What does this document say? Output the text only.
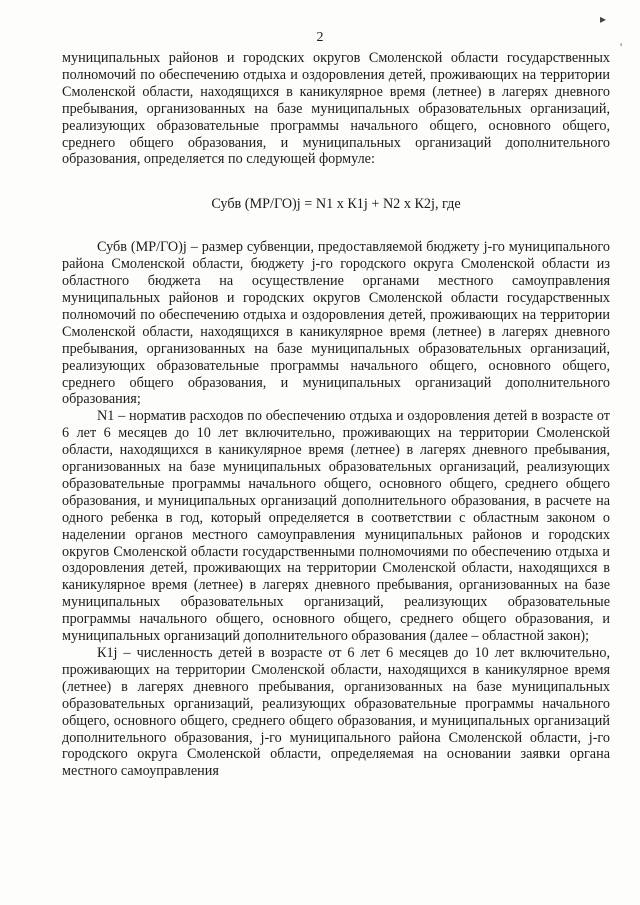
▸
'
2

муниципальных районов и городских округов Смоленской области государственных полномочий по обеспечению отдыха и оздоровления детей, проживающих на территории Смоленской области, находящихся в каникулярное время (летнее) в лагерях дневного пребывания, организованных на базе муниципальных образовательных организаций, реализующих образовательные программы начального общего, основного общего, среднего общего образования, и муниципальных организаций дополнительного образования, определяется по следующей формуле:

Субв (МР/ГО)j = N1 х К1j + N2 х К2j, где

Субв (МР/ГО)j – размер субвенции, предоставляемой бюджету j-го муниципального района Смоленской области, бюджету j-го городского округа Смоленской области из областного бюджета на осуществление органами местного самоуправления муниципальных районов и городских округов Смоленской области государственных полномочий по обеспечению отдыха и оздоровления детей, проживающих на территории Смоленской области, находящихся в каникулярное время (летнее) в лагерях дневного пребывания, организованных на базе муниципальных образовательных организаций, реализующих образовательные программы начального общего, основного общего, среднего общего образования, и муниципальных организаций дополнительного образования;

N1 – норматив расходов по обеспечению отдыха и оздоровления детей в возрасте от 6 лет 6 месяцев до 10 лет включительно, проживающих на территории Смоленской области, находящихся в каникулярное время (летнее) в лагерях дневного пребывания, организованных на базе муниципальных образовательных организаций, реализующих образовательные программы начального общего, основного общего, среднего общего образования, и муниципальных организаций дополнительного образования, в расчете на одного ребенка в год, который определяется в соответствии с областным законом о наделении органов местного самоуправления муниципальных районов и городских округов Смоленской области государственными полномочиями по обеспечению отдыха и оздоровления детей, проживающих на территории Смоленской области, находящихся в каникулярное время (летнее) в лагерях дневного пребывания, организованных на базе муниципальных образовательных организаций, реализующих образовательные программы начального общего, основного общего, среднего общего образования, и муниципальных организаций дополнительного образования (далее – областной закон);

К1j – численность детей в возрасте от 6 лет 6 месяцев до 10 лет включительно, проживающих на территории Смоленской области, находящихся в каникулярное время (летнее) в лагерях дневного пребывания, организованных на базе муниципальных образовательных организаций, реализующих образовательные программы начального общего, основного общего, среднего общего образования, и муниципальных организаций дополнительного образования, j-го муниципального района Смоленской области, j-го городского округа Смоленской области, определяемая на основании заявки органа местного самоуправления
